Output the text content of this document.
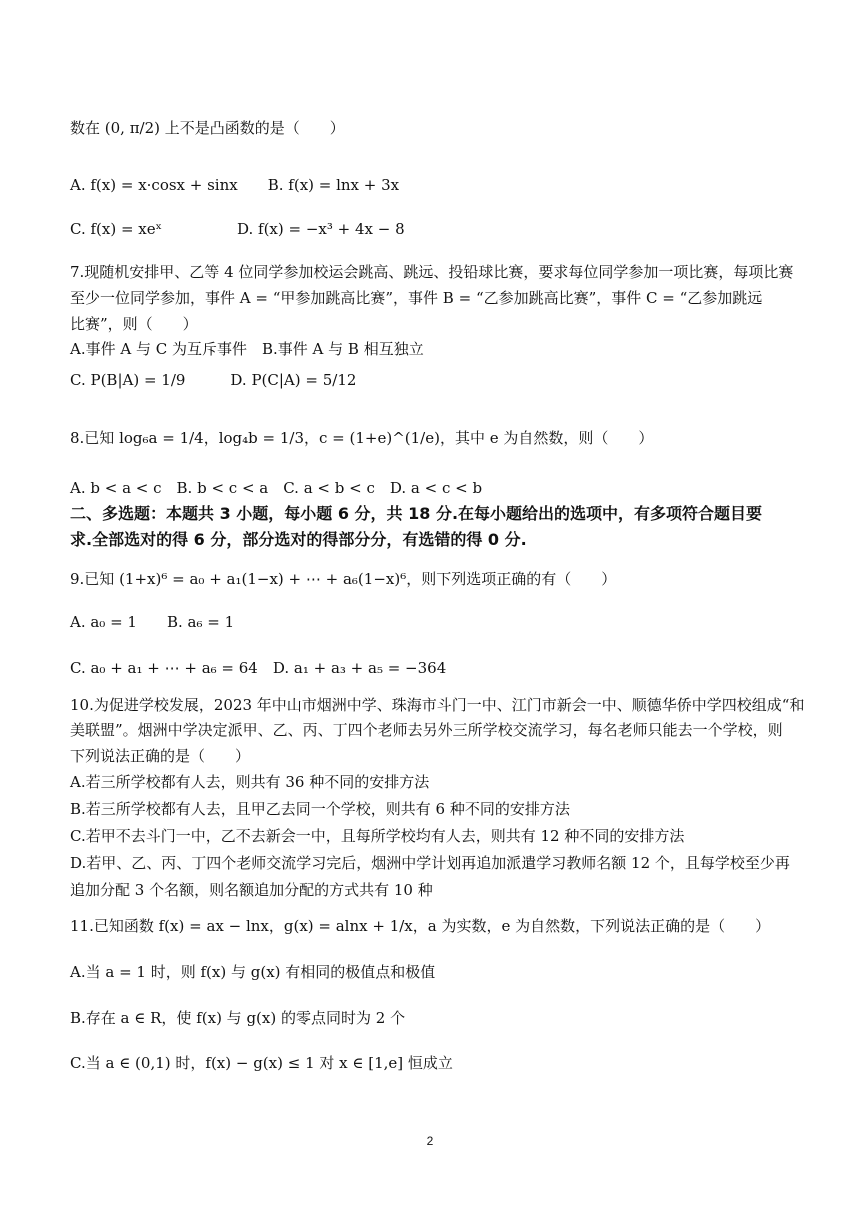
数在 (0, π/2) 上不是凸函数的是（　　）
A. f(x) = x·cosx + sinx　　B. f(x) = lnx + 3x
C. f(x) = xeˣ　　　　　D. f(x) = −x³ + 4x − 8
7.现随机安排甲、乙等 4 位同学参加校运会跳高、跳远、投铅球比赛，要求每位同学参加一项比赛，每项比赛
至少一位同学参加，事件 A = “甲参加跳高比赛”，事件 B = “乙参加跳高比赛”，事件 C = “乙参加跳远
比赛”，则（　　）
A.事件 A 与 C 为互斥事件　B.事件 A 与 B 相互独立
C. P(B|A) = 1/9　　　D. P(C|A) = 5/12
8.已知 log₆a = 1/4，log₄b = 1/3，c = (1+e)^(1/e)，其中 e 为自然数，则（　　）
A. b < a < c　B. b < c < a　C. a < b < c　D. a < c < b
二、多选题：本题共 3 小题，每小题 6 分，共 18 分.在每小题给出的选项中，有多项符合题目要
求.全部选对的得 6 分，部分选对的得部分分，有选错的得 0 分.
9.已知 (1+x)⁶ = a₀ + a₁(1−x) + ⋯ + a₆(1−x)⁶，则下列选项正确的有（　　）
A. a₀ = 1　　B. a₆ = 1
C. a₀ + a₁ + ⋯ + a₆ = 64　D. a₁ + a₃ + a₅ = −364
10.为促进学校发展，2023 年中山市烟洲中学、珠海市斗门一中、江门市新会一中、顺德华侨中学四校组成“和
美联盟”。烟洲中学决定派甲、乙、丙、丁四个老师去另外三所学校交流学习，每名老师只能去一个学校，则
下列说法正确的是（　　）
A.若三所学校都有人去，则共有 36 种不同的安排方法
B.若三所学校都有人去，且甲乙去同一个学校，则共有 6 种不同的安排方法
C.若甲不去斗门一中，乙不去新会一中，且每所学校均有人去，则共有 12 种不同的安排方法
D.若甲、乙、丙、丁四个老师交流学习完后，烟洲中学计划再追加派遣学习教师名额 12 个，且每学校至少再
追加分配 3 个名额，则名额追加分配的方式共有 10 种
11.已知函数 f(x) = ax − lnx，g(x) = alnx + 1/x，a 为实数，e 为自然数，下列说法正确的是（　　）
A.当 a = 1 时，则 f(x) 与 g(x) 有相同的极值点和极值
B.存在 a ∈ R，使 f(x) 与 g(x) 的零点同时为 2 个
C.当 a ∈ (0,1) 时，f(x) − g(x) ≤ 1 对 x ∈ [1,e] 恒成立
2
